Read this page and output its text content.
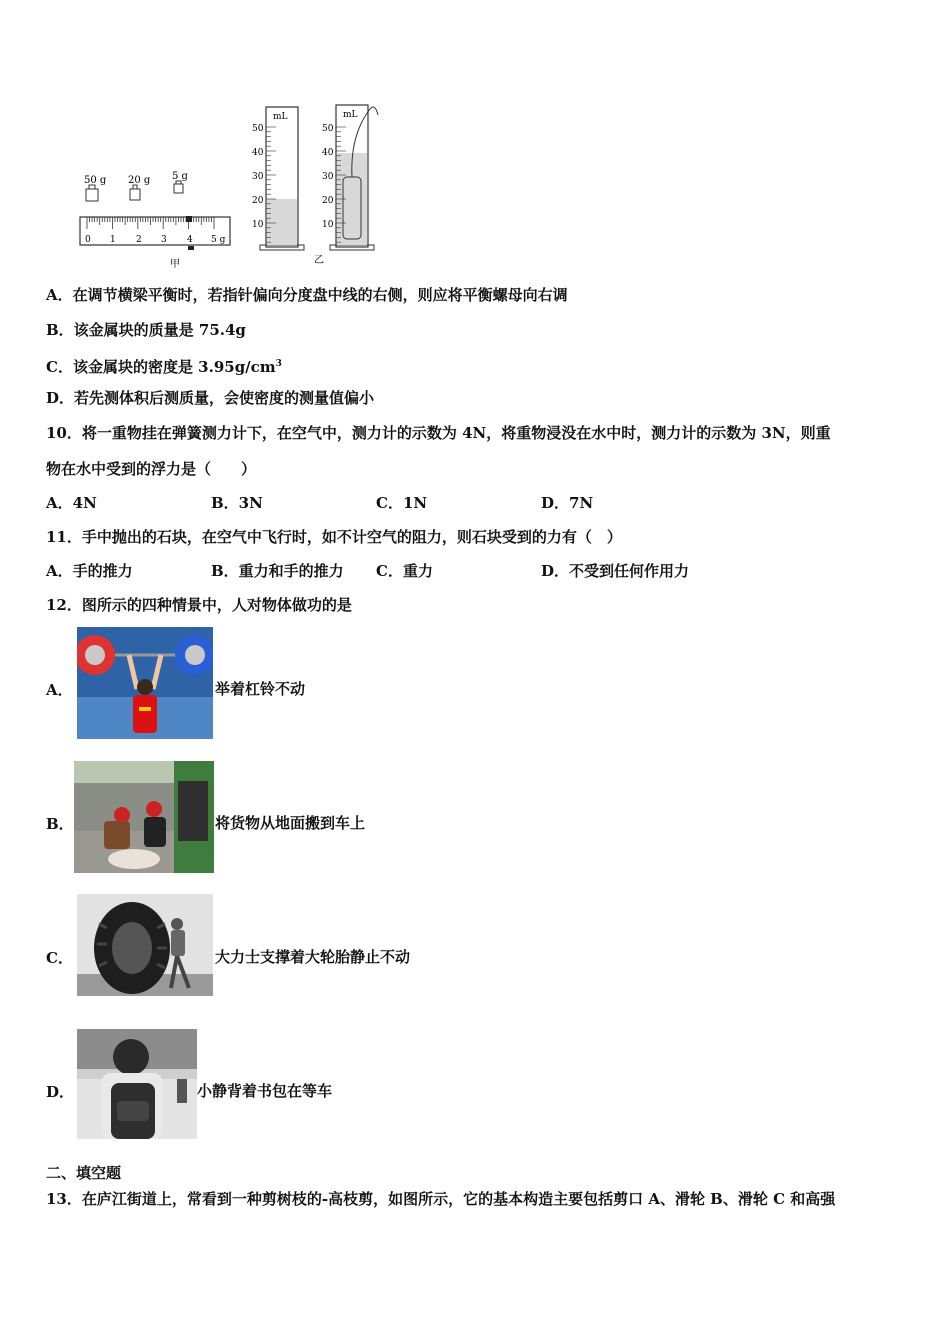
50 g 20 g 5 g
0 1 2 3 4 5 g
甲
mL
50
40
30
20
10
mL
50
40
30
20
10
乙
A．在调节横梁平衡时，若指针偏向分度盘中线的右侧，则应将平衡螺母向右调
B．该金属块的质量是 75.4g
C．该金属块的密度是 $3.95g/cm^3$
D．若先测体积后测质量，会使密度的测量值偏小
10．将一重物挂在弹簧测力计下，在空气中，测力计的示数为 4N，将重物浸没在水中时，测力计的示数为 3N，则重
物在水中受到的浮力是（　　）
A．4N	B．3N	C．1N	D．7N
11．手中抛出的石块，在空气中飞行时，如不计空气的阻力，则石块受到的力有（　）
A．手的推力	B．重力和手的推力 C．重力	D．不受到任何作用力
12．图所示的四种情景中，人对物体做功的是
A．	举着杠铃不动
B．	将货物从地面搬到车上
C．	大力士支撑着大轮胎静止不动
D．	小静背着书包在等车
二、填空题
13．在庐江街道上，常看到一种剪树枝的-高枝剪，如图所示，它的基本构造主要包括剪口 A、滑轮 B、滑轮 C 和高强
